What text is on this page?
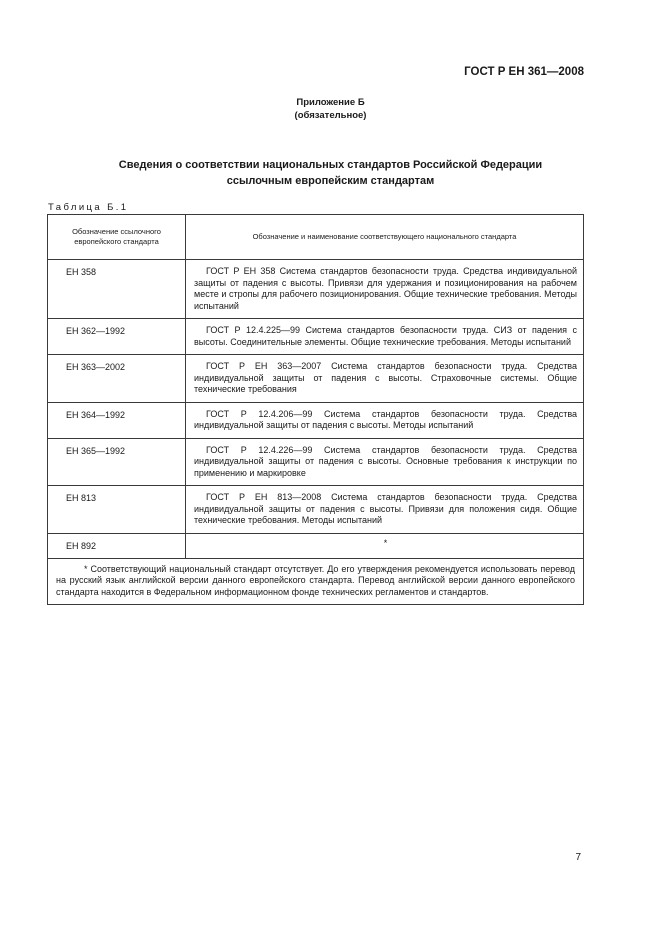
ГОСТ Р ЕН 361—2008
Приложение Б
(обязательное)
Сведения о соответствии национальных стандартов Российской Федерации
ссылочным европейским стандартам
Таблица Б.1
Обозначение ссылочного
европейского стандарта	Обозначение и наименование соответствующего национального стандарта
ЕН 358	ГОСТ Р ЕН 358 Система стандартов безопасности труда. Средства индивидуальной защиты от падения с высоты. Привязи для удержания и позиционирования на рабочем месте и стропы для рабочего позиционирования. Общие технические требования. Методы испытаний
ЕН 362—1992	ГОСТ Р 12.4.225—99 Система стандартов безопасности труда. СИЗ от падения с высоты. Соединительные элементы. Общие технические требования. Методы испытаний
ЕН 363—2002	ГОСТ Р ЕН 363—2007 Система стандартов безопасности труда. Средства индивидуальной защиты от падения с высоты. Страховочные системы. Общие технические требования
ЕН 364—1992	ГОСТ Р 12.4.206—99 Система стандартов безопасности труда. Средства индивидуальной защиты от падения с высоты. Методы испытаний
ЕН 365—1992	ГОСТ Р 12.4.226—99 Система стандартов безопасности труда. Средства индивидуальной защиты от падения с высоты. Основные требования к инструкции по применению и маркировке
ЕН 813	ГОСТ Р ЕН 813—2008 Система стандартов безопасности труда. Средства индивидуальной защиты от падения с высоты. Привязи для положения сидя. Общие технические требования. Методы испытаний
ЕН 892	*
* Соответствующий национальный стандарт отсутствует. До его утверждения рекомендуется использовать перевод на русский язык английской версии данного европейского стандарта. Перевод английской версии данного европейского стандарта находится в Федеральном информационном фонде технических регламентов и стандартов.	
7
